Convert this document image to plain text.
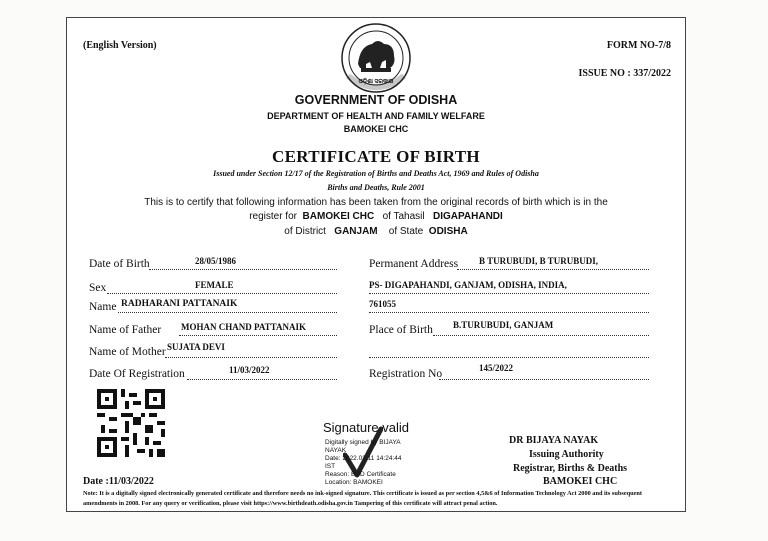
(English Version)	FORM NO-7/8
ISSUE NO : 337/2022
ଓଡ଼ିଶା ସରକାର
GOVERNMENT OF ODISHA
DEPARTMENT OF HEALTH AND FAMILY WELFARE
BAMOKEI CHC
CERTIFICATE OF BIRTH
Issued under Section 12/17 of the Registration of Births and Deaths Act, 1969 and Rules of Odisha
Births and Deaths, Rule 2001
This is to certify that following information has been taken from the original records of birth which is in the
register for BAMOKEI CHC of Tahasil DIGAPAHANDI
of District GANJAM of State ODISHA
Date of Birth	28/05/1986
Sex	FEMALE
Name RADHARANI PATTANAIK
Name of Father MOHAN CHAND PATTANAIK
Name of Mother SUJATA DEVI
Date Of Registration	11/03/2022
Permanent Address B TURUBUDI, B TURUBUDI,
PS- DIGAPAHANDI, GANJAM, ODISHA, INDIA,
761055
Place of Birth B.TURUBUDI, GANJAM
Registration No	145/2022
Signature valid
Digitally signed by BIJAYA
NAYAK
Date: 2022.03.11 14:24:44
IST
Reason: BND Certificate
Location: BAMOKEI
DR BIJAYA NAYAK
Issuing Authority
Registrar, Births & Deaths
BAMOKEI CHC
Date :11/03/2022
Note: It is a digitally signed electronically generated certificate and therefore needs no ink-signed signature. This certificate is issued as per section 4,5&6 of Information Technology Act 2000 and its subsequent amendments in 2008. For any query or verification, please visit https://www.birthdeath.odisha.gov.in Tampering of this certificate will attract penal action.
